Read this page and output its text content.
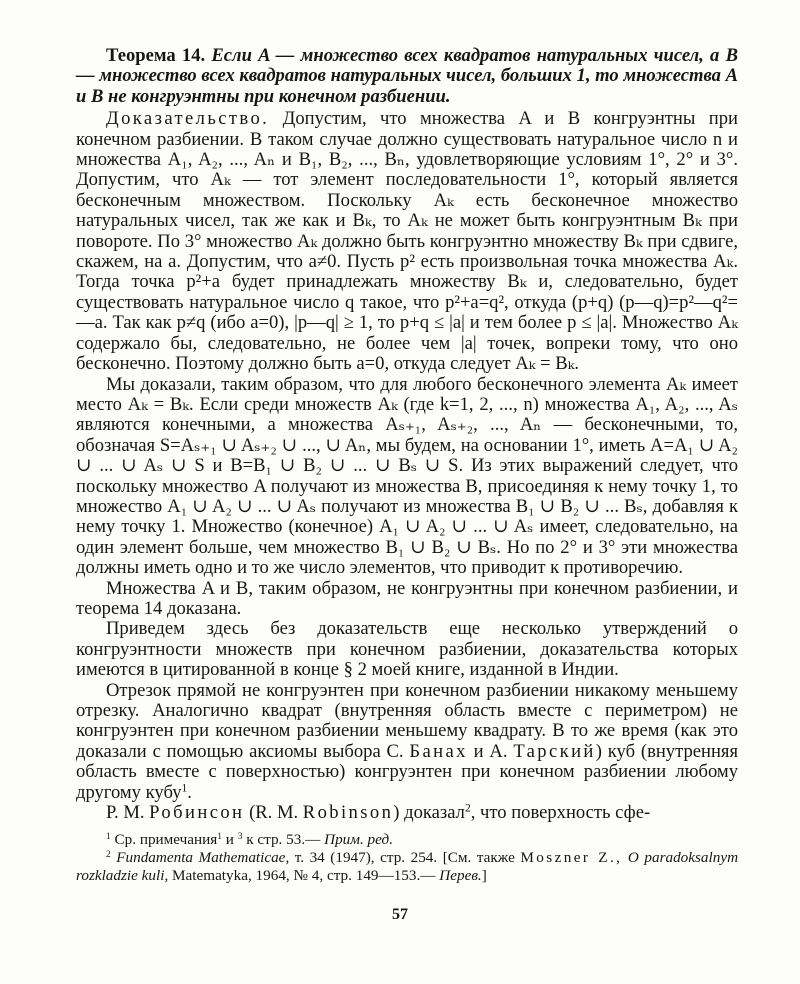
Теорема 14. Если A — множество всех квадратов натуральных чисел, a B — множество всех квадратов натуральных чисел, больших 1, то множества A и B не конгруэнтны при конечном разбиении.

Доказательство. Допустим, что множества A и B конгруэнтны при конечном разбиении. В таком случае должно существовать натуральное число n и множества A₁, A₂, ..., Aₙ и B₁, B₂, ..., Bₙ, удовлетворяющие условиям 1°, 2° и 3°. Допустим, что Aₖ — тот элемент последовательности 1°, который является бесконечным множеством. Поскольку Aₖ есть бесконечное множество натуральных чисел, так же как и Bₖ, то Aₖ не может быть конгруэнтным Bₖ при повороте. По 3° множество Aₖ должно быть конгруэнтно множеству Bₖ при сдвиге, скажем, на a. Допустим, что a≠0. Пусть p² есть произвольная точка множества Aₖ. Тогда точка p²+a будет принадлежать множеству Bₖ и, следовательно, будет существовать натуральное число q такое, что p²+a=q², откуда (p+q) (p—q)=p²—q²=—a. Так как p≠q (ибо a=0), |p—q| ≥ 1, то p+q ≤ |a| и тем более p ≤ |a|. Множество Aₖ содержало бы, следовательно, не более чем |a| точек, вопреки тому, что оно бесконечно. Поэтому должно быть a=0, откуда следует Aₖ = Bₖ.

Мы доказали, таким образом, что для любого бесконечного элемента Aₖ имеет место Aₖ = Bₖ. Если среди множеств Aₖ (где k=1, 2, ..., n) множества A₁, A₂, ..., Aₛ являются конечными, а множества Aₛ₊₁, Aₛ₊₂, ..., Aₙ — бесконечными, то, обозначая S=Aₛ₊₁ ∪ Aₛ₊₂ ∪ ..., ∪ Aₙ, мы будем, на основании 1°, иметь A=A₁ ∪ A₂ ∪ ... ∪ Aₛ ∪ S и B=B₁ ∪ B₂ ∪ ... ∪ Bₛ ∪ S. Из этих выражений следует, что поскольку множество A получают из множества B, присоединяя к нему точку 1, то множество A₁ ∪ A₂ ∪ ... ∪ Aₛ получают из множества B₁ ∪ B₂ ∪ ... Bₛ, добавляя к нему точку 1. Множество (конечное) A₁ ∪ A₂ ∪ ... ∪ Aₛ имеет, следовательно, на один элемент больше, чем множество B₁ ∪ B₂ ∪ Bₛ. Но по 2° и 3° эти множества должны иметь одно и то же число элементов, что приводит к противоречию.

Множества A и B, таким образом, не конгруэнтны при конечном разбиении, и теорема 14 доказана.

Приведем здесь без доказательств еще несколько утверждений о конгруэнтности множеств при конечном разбиении, доказательства которых имеются в цитированной в конце § 2 моей книге, изданной в Индии.

Отрезок прямой не конгруэнтен при конечном разбиении никакому меньшему отрезку. Аналогично квадрат (внутренняя область вместе с периметром) не конгруэнтен при конечном разбиении меньшему квадрату. В то же время (как это доказали с помощью аксиомы выбора С. Банах и А. Тарский) куб (внутренняя область вместе с поверхностью) конгруэнтен при конечном разбиении любому другому кубу$^1$.

Р. М. Робинсон (R. M. Robinson) доказал$^2$, что поверхность сфе-

$^1$ Ср. примечания$^1$ и $^3$ к стр. 53.— Прим. ред.

$^2$ Fundamenta Mathematicae, т. 34 (1947), стр. 254. [См. также Moszner Z., O paradoksalnym rozkladzie kuli, Matematyka, 1964, № 4, стр. 149—153.— Перев.]

57
